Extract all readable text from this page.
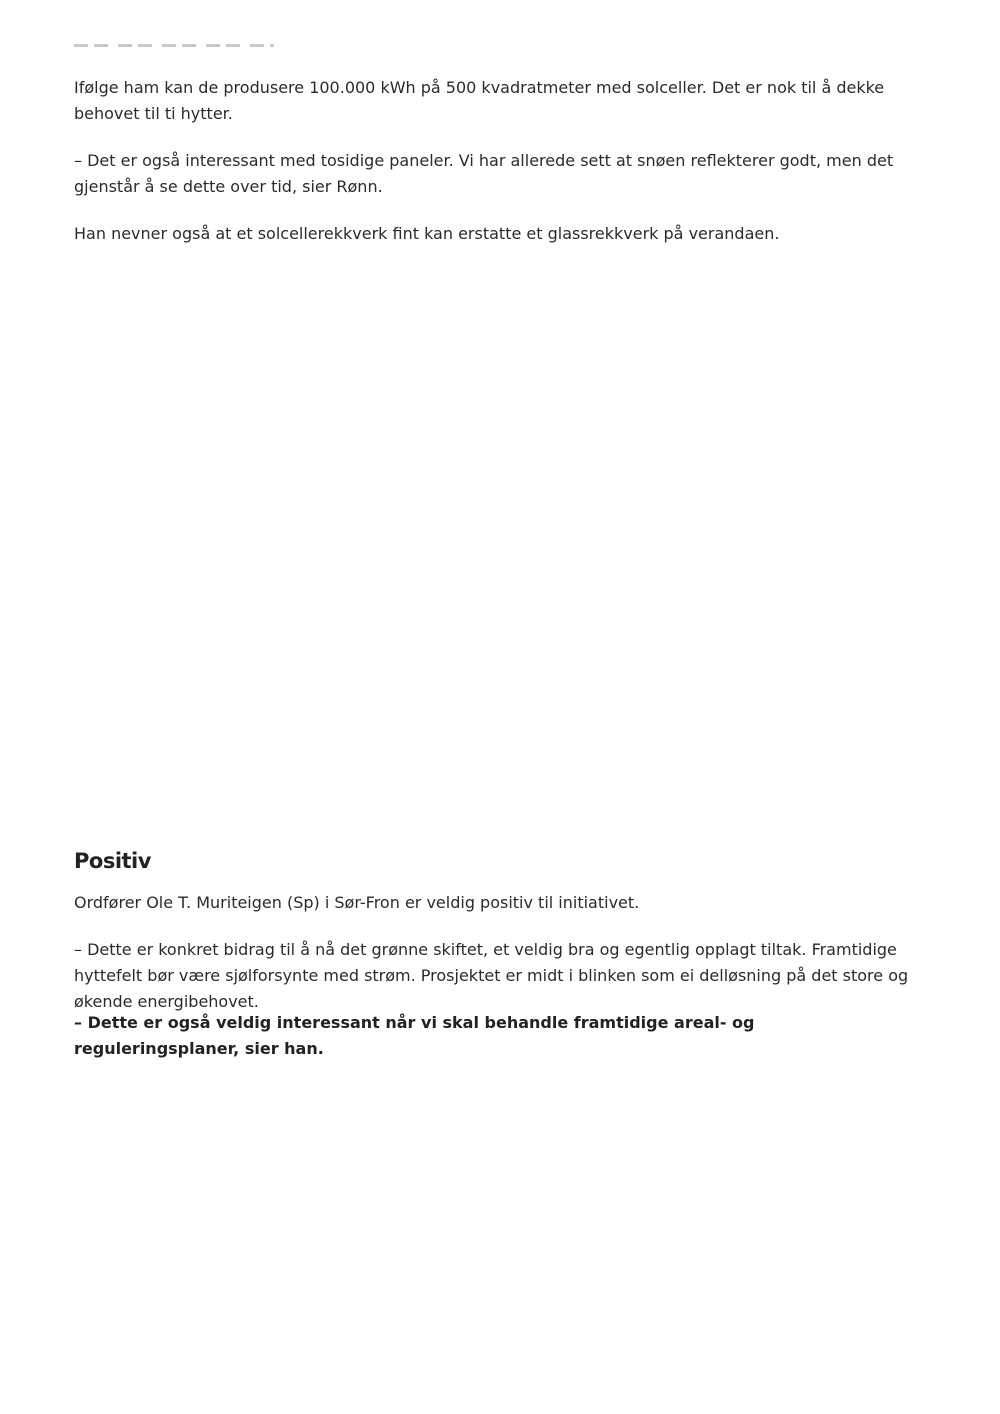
Ifølge ham kan de produsere 100.000 kWh på 500 kvadratmeter med solceller. Det er nok til å dekke behovet til ti hytter.

– Det er også interessant med tosidige paneler. Vi har allerede sett at snøen reflekterer godt, men det gjenstår å se dette over tid, sier Rønn.

Han nevner også at et solcellerekkverk fint kan erstatte et glassrekkverk på verandaen.

Positiv

Ordfører Ole T. Muriteigen (Sp) i Sør-Fron er veldig positiv til initiativet.

– Dette er konkret bidrag til å nå det grønne skiftet, et veldig bra og egentlig opplagt tiltak. Framtidige hyttefelt bør være sjølforsynte med strøm. Prosjektet er midt i blinken som ei delløsning på det store og økende energibehovet.

– Dette er også veldig interessant når vi skal behandle framtidige areal- og reguleringsplaner, sier han.
